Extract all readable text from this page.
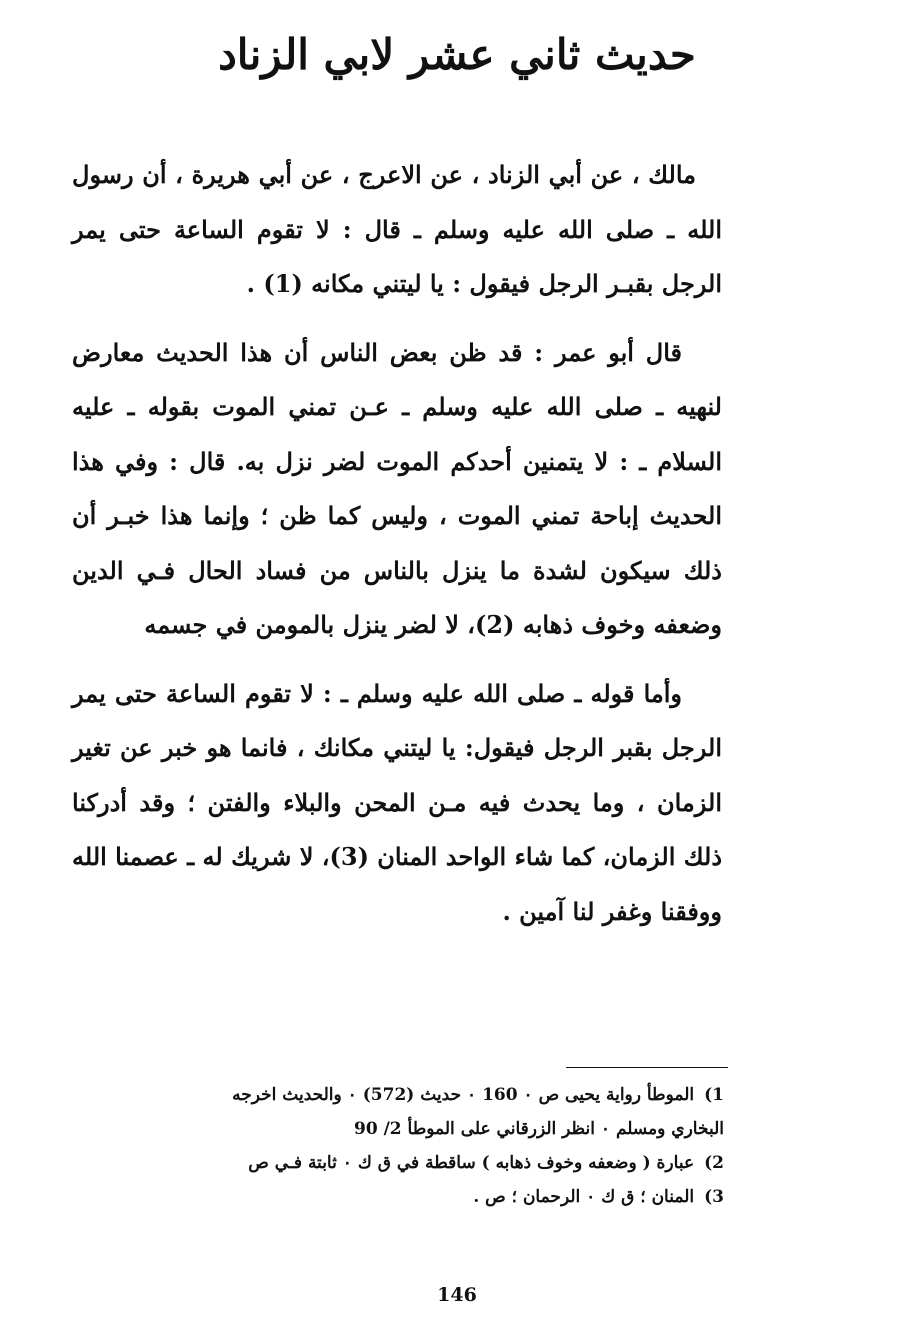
حديث ثاني عشر لابي الزناد

مالك ، عن أبي الزناد ، عن الاعرج ، عن أبي هريرة ، أن رسول الله ـ صلى الله عليه وسلم ـ قال : لا تقوم الساعة حتى يمر الرجل بقبـر الرجل فيقول : يا ليتني مكانه (1) .

قال أبو عمر : قد ظن بعض الناس أن هذا الحديث معارض لنهيه ـ صلى الله عليه وسلم ـ عـن تمني الموت بقوله ـ عليه السلام ـ : لا يتمنين أحدكم الموت لضر نزل به. قال : وفي هذا الحديث إباحة تمني الموت ، وليس كما ظن ؛ وإنما هذا خبـر أن ذلك سيكون لشدة ما ينزل بالناس من فساد الحال فـي الدين وضعفه وخوف ذهابه (2)، لا لضر ينزل بالمومن في جسمه

وأما قوله ـ صلى الله عليه وسلم ـ : لا تقوم الساعة حتى يمر الرجل بقبر الرجل فيقول: يا ليتني مكانك ، فانما هو خبر عن تغير الزمان ، وما يحدث فيه مـن المحن والبلاء والفتن ؛ وقد أدركنا ذلك الزمان، كما شاء الواحد المنان (3)، لا شريك له ـ عصمنا الله ووفقنا وغفر لنا آمين .

1)الموطأ رواية يحيى ص ٠ 160 ٠ حديث (572) ٠ والحديث اخرجه
البخاري ومسلم ٠ انظر الزرقاني على الموطأ 2/ 90
2)عبارة ( وضعفه وخوف ذهابه ) ساقطة في ق ك ٠ ثابتة فـي ص
3)المنان ؛ ق ك ٠ الرحمان ؛ ص .
146
